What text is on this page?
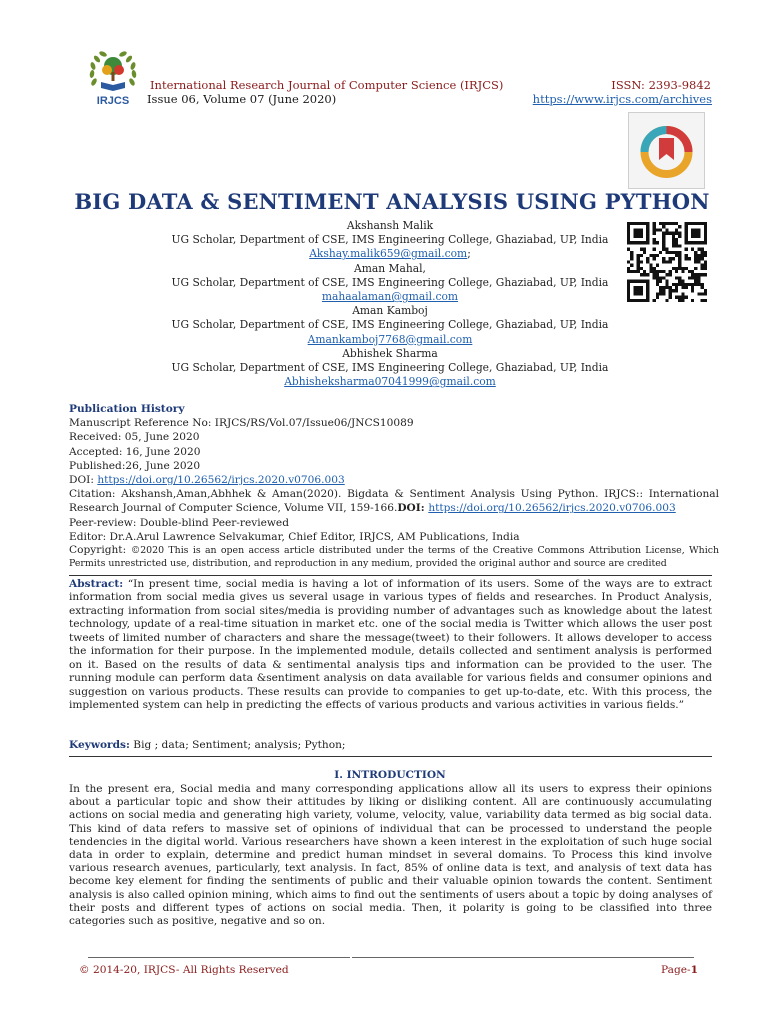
IRJCS
International Research Journal of Computer Science (IRJCS)
Issue 06, Volume 07 (June 2020)
ISSN: 2393-9842
https://www.irjcs.com/archives
BIG DATA & SENTIMENT ANALYSIS USING PYTHON
Akshansh Malik
UG Scholar, Department of CSE, IMS Engineering College, Ghaziabad, UP, India
Akshay.malik659@gmail.com;
Aman Mahal,
UG Scholar, Department of CSE, IMS Engineering College, Ghaziabad, UP, India
mahaalaman@gmail.com
Aman Kamboj
UG Scholar, Department of CSE, IMS Engineering College, Ghaziabad, UP, India
Amankamboj7768@gmail.com
Abhishek Sharma
UG Scholar, Department of CSE, IMS Engineering College, Ghaziabad, UP, India
Abhisheksharma07041999@gmail.com
Publication History
Manuscript Reference No: IRJCS/RS/Vol.07/Issue06/JNCS10089
Received: 05, June 2020
Accepted: 16, June 2020
Published:26, June 2020
DOI: https://doi.org/10.26562/irjcs.2020.v0706.003
Citation: Akshansh,Aman,Abhhek & Aman(2020). Bigdata & Sentiment Analysis Using Python. IRJCS:: International Research Journal of Computer Science, Volume VII, 159-166.DOI: https://doi.org/10.26562/irjcs.2020.v0706.003
Peer-review: Double-blind Peer-reviewed
Editor: Dr.A.Arul Lawrence Selvakumar, Chief Editor, IRJCS, AM Publications, India
Copyright: ©2020 This is an open access article distributed under the terms of the Creative Commons Attribution License, Which Permits unrestricted use, distribution, and reproduction in any medium, provided the original author and source are credited
Abstract: “In present time, social media is having a lot of information of its users. Some of the ways are to extract information from social media gives us several usage in various types of fields and researches. In Product Analysis, extracting information from social sites/media is providing number of advantages such as knowledge about the latest technology, update of a real-time situation in market etc. one of the social media is Twitter which allows the user post tweets of limited number of characters and share the message(tweet) to their followers. It allows developer to access the information for their purpose. In the implemented module, details collected and sentiment analysis is performed on it. Based on the results of data & sentimental analysis tips and information can be provided to the user. The running module can perform data &sentiment analysis on data available for various fields and consumer opinions and suggestion on various products. These results can provide to companies to get up-to-date, etc. With this process, the implemented system can help in predicting the effects of various products and various activities in various fields.”
Keywords: Big ; data; Sentiment; analysis; Python;
I. INTRODUCTION
In the present era, Social media and many corresponding applications allow all its users to express their opinions about a particular topic and show their attitudes by liking or disliking content. All are continuously accumulating actions on social media and generating high variety, volume, velocity, value, variability data termed as big social data. This kind of data refers to massive set of opinions of individual that can be processed to understand the people tendencies in the digital world. Various researchers have shown a keen interest in the exploitation of such huge social data in order to explain, determine and predict human mindset in several domains. To Process this kind involve various research avenues, particularly, text analysis. In fact, 85% of online data is text, and analysis of text data has become key element for finding the sentiments of public and their valuable opinion towards the content. Sentiment analysis is also called opinion mining, which aims to find out the sentiments of users about a topic by doing analyses of their posts and different types of actions on social media. Then, it polarity is going to be classified into three categories such as positive, negative and so on.
© 2014-20, IRJCS- All Rights Reserved	Page-1
